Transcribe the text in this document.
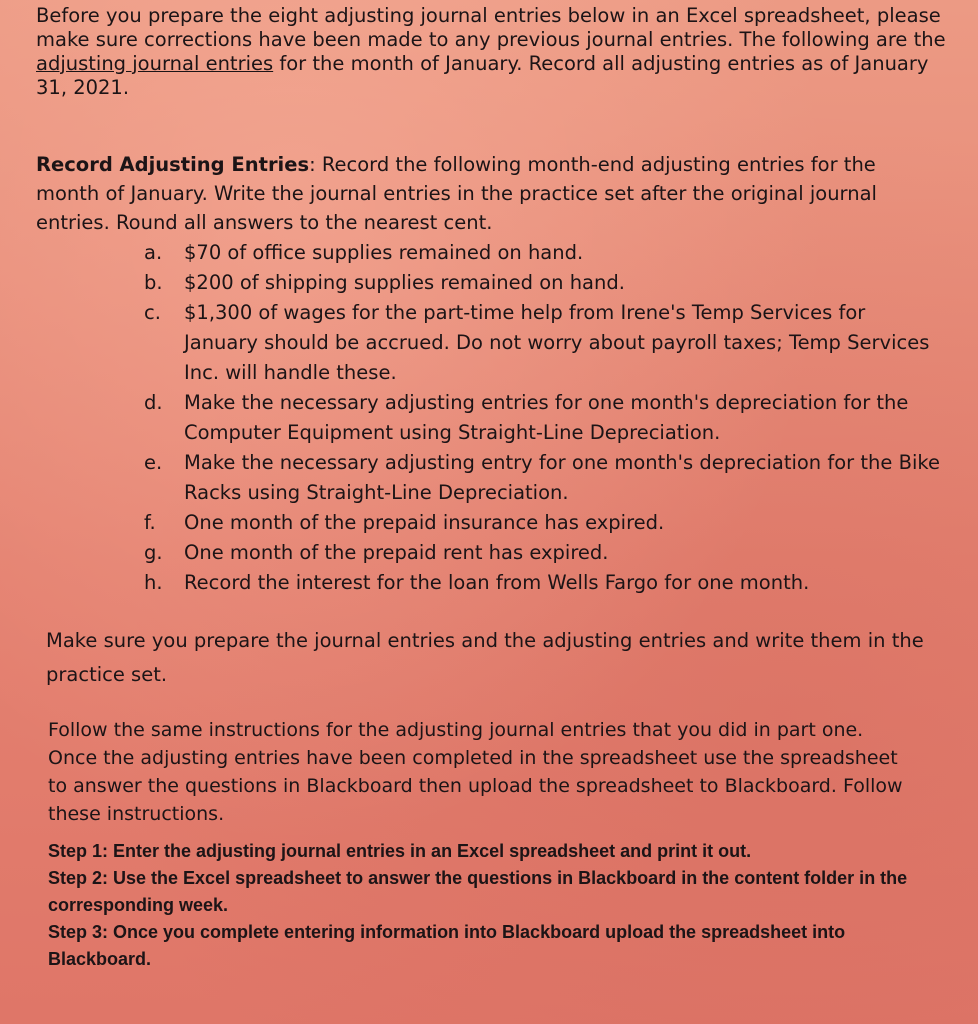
Before you prepare the eight adjusting journal entries below in an Excel spreadsheet, please make sure corrections have been made to any previous journal entries. The following are the adjusting journal entries for the month of January. Record all adjusting entries as of January 31, 2021.

Record Adjusting Entries: Record the following month-end adjusting entries for the month of January. Write the journal entries in the practice set after the original journal entries. Round all answers to the nearest cent.

a.	$70 of office supplies remained on hand.
b.	$200 of shipping supplies remained on hand.
c.	$1,300 of wages for the part-time help from Irene's Temp Services for January should be accrued. Do not worry about payroll taxes; Temp Services Inc. will handle these.
d.	Make the necessary adjusting entries for one month's depreciation for the Computer Equipment using Straight-Line Depreciation.
e.	Make the necessary adjusting entry for one month's depreciation for the Bike Racks using Straight-Line Depreciation.
f.	One month of the prepaid insurance has expired.
g.	One month of the prepaid rent has expired.
h.	Record the interest for the loan from Wells Fargo for one month.

Make sure you prepare the journal entries and the adjusting entries and write them in the practice set.

Follow the same instructions for the adjusting journal entries that you did in part one. Once the adjusting entries have been completed in the spreadsheet use the spreadsheet to answer the questions in Blackboard then upload the spreadsheet to Blackboard. Follow these instructions.

Step 1: Enter the adjusting journal entries in an Excel spreadsheet and print it out.
Step 2: Use the Excel spreadsheet to answer the questions in Blackboard in the content folder in the corresponding week.
Step 3: Once you complete entering information into Blackboard upload the spreadsheet into Blackboard.
